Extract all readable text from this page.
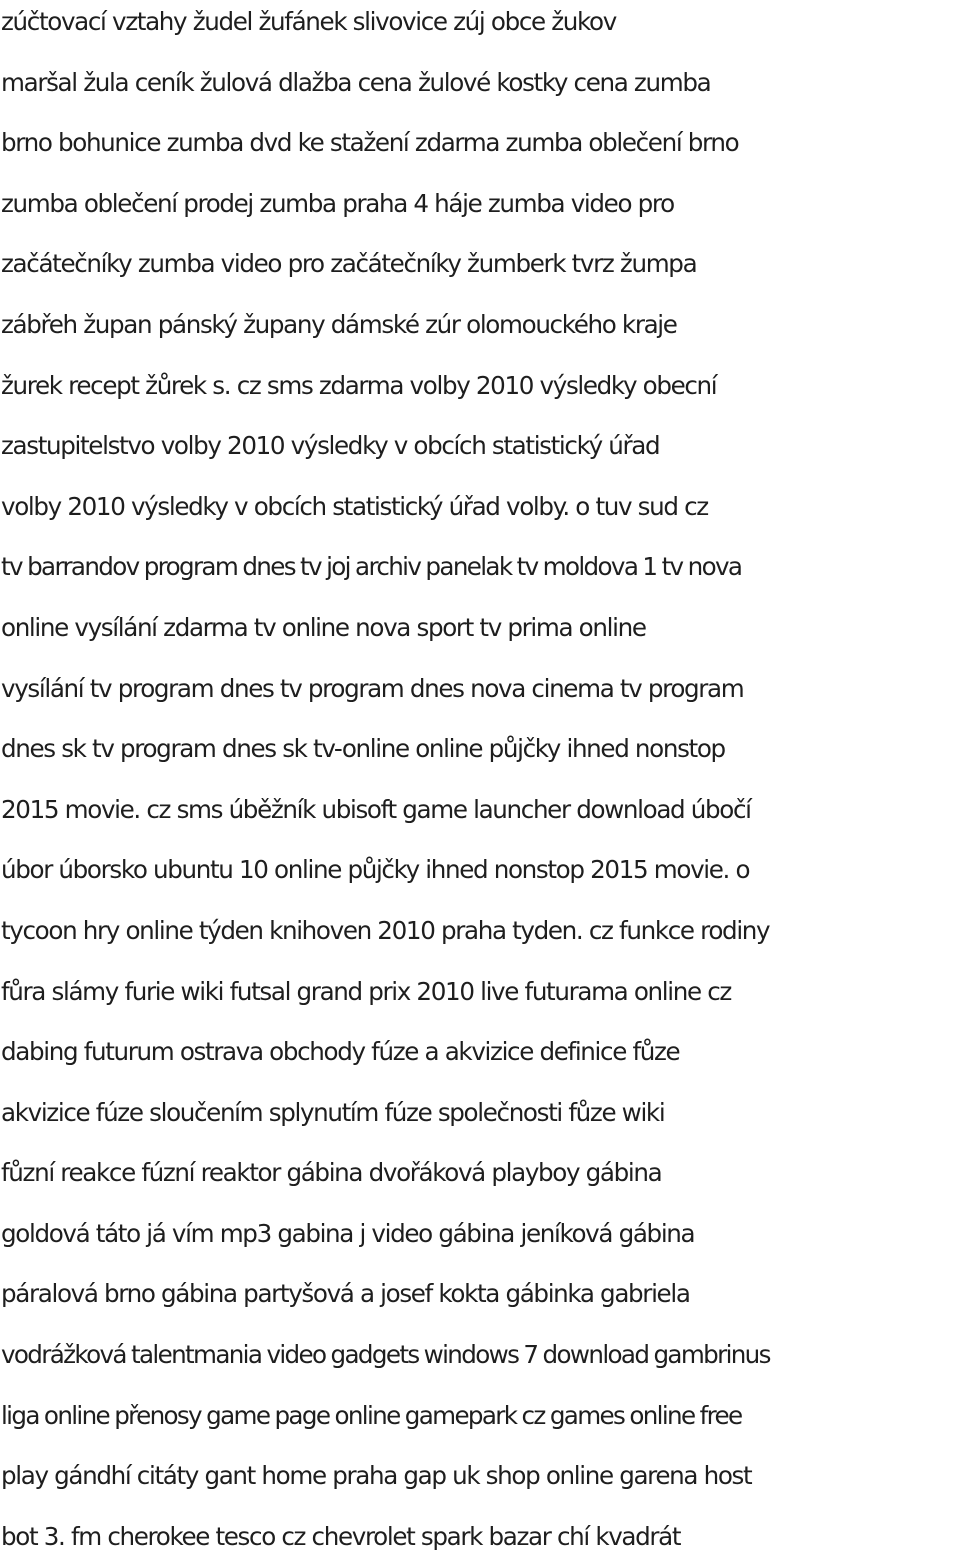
zúčtovací vztahy žudel žufánek slivovice zúj obce žukov
maršal žula ceník žulová dlažba cena žulové kostky cena zumba
brno bohunice zumba dvd ke stažení zdarma zumba oblečení brno
zumba oblečení prodej zumba praha 4 háje zumba video pro
začátečníky zumba video pro začátečníky žumberk tvrz žumpa
zábřeh župan pánský župany dámské zúr olomouckého kraje
žurek recept žůrek s. cz sms zdarma volby 2010 výsledky obecní
zastupitelstvo volby 2010 výsledky v obcích statistický úřad
volby 2010 výsledky v obcích statistický úřad volby. o tuv sud cz
tv barrandov program dnes tv joj archiv panelak tv moldova 1 tv nova
online vysílání zdarma tv online nova sport tv prima online
vysílání tv program dnes tv program dnes nova cinema tv program
dnes sk tv program dnes sk tv-online online půjčky ihned nonstop
2015 movie. cz sms úběžník ubisoft game launcher download úbočí
úbor úborsko ubuntu 10 online půjčky ihned nonstop 2015 movie. o
tycoon hry online týden knihoven 2010 praha tyden. cz funkce rodiny
fůra slámy furie wiki futsal grand prix 2010 live futurama online cz
dabing futurum ostrava obchody fúze a akvizice definice fůze
akvizice fúze sloučením splynutím fúze společnosti fůze wiki
fůzní reakce fúzní reaktor gábina dvořáková playboy gábina
goldová táto já vím mp3 gabina j video gábina jeníková gábina
páralová brno gábina partyšová a josef kokta gábinka gabriela
vodrážková talentmania video gadgets windows 7 download gambrinus
liga online přenosy game page online gamepark cz games online free
play gándhí citáty gant home praha gap uk shop online garena host
bot 3. fm cherokee tesco cz chevrolet spark bazar chí kvadrát
